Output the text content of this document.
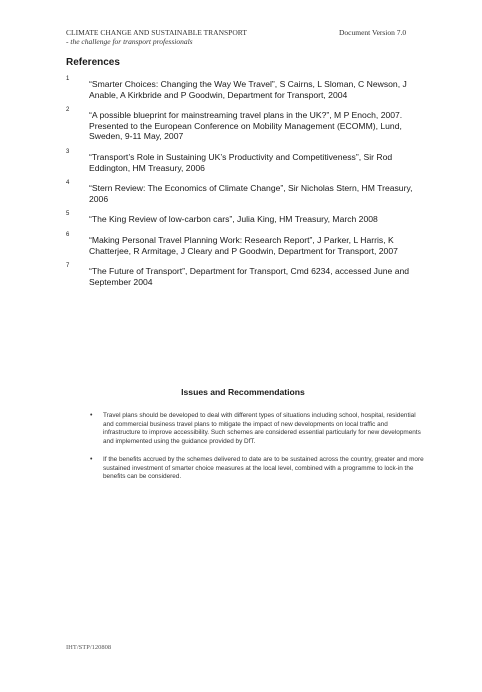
CLIMATE CHANGE AND SUSTAINABLE TRANSPORT
- the challenge for transport professionals
Document Version 7.0
References
1 “Smarter Choices: Changing the Way We Travel”, S Cairns, L Sloman, C Newson, J Anable, A Kirkbride and P Goodwin, Department for Transport, 2004
2 “A possible blueprint for mainstreaming travel plans in the UK?”, M P Enoch, 2007. Presented to the European Conference on Mobility Management (ECOMM), Lund, Sweden, 9-11 May, 2007
3 “Transport’s Role in Sustaining UK’s Productivity and Competitiveness”, Sir Rod Eddington, HM Treasury, 2006
4 “Stern Review: The Economics of Climate Change”, Sir Nicholas Stern, HM Treasury, 2006
5 “The King Review of low-carbon cars”, Julia King, HM Treasury, March 2008
6 “Making Personal Travel Planning Work: Research Report”, J Parker, L Harris, K Chatterjee, R Armitage, J Cleary and P Goodwin, Department for Transport, 2007
7 “The Future of Transport”, Department for Transport, Cmd 6234, accessed June and September 2004
Issues and Recommendations
• Travel plans should be developed to deal with different types of situations including school, hospital, residential and commercial business travel plans to mitigate the impact of new developments on local traffic and infrastructure to improve accessibility. Such schemes are considered essential particularly for new developments and implemented using the guidance provided by DfT.
• If the benefits accrued by the schemes delivered to date are to be sustained across the country, greater and more sustained investment of smarter choice measures at the local level, combined with a programme to lock-in the benefits can be considered.
IHT/STP/120808
